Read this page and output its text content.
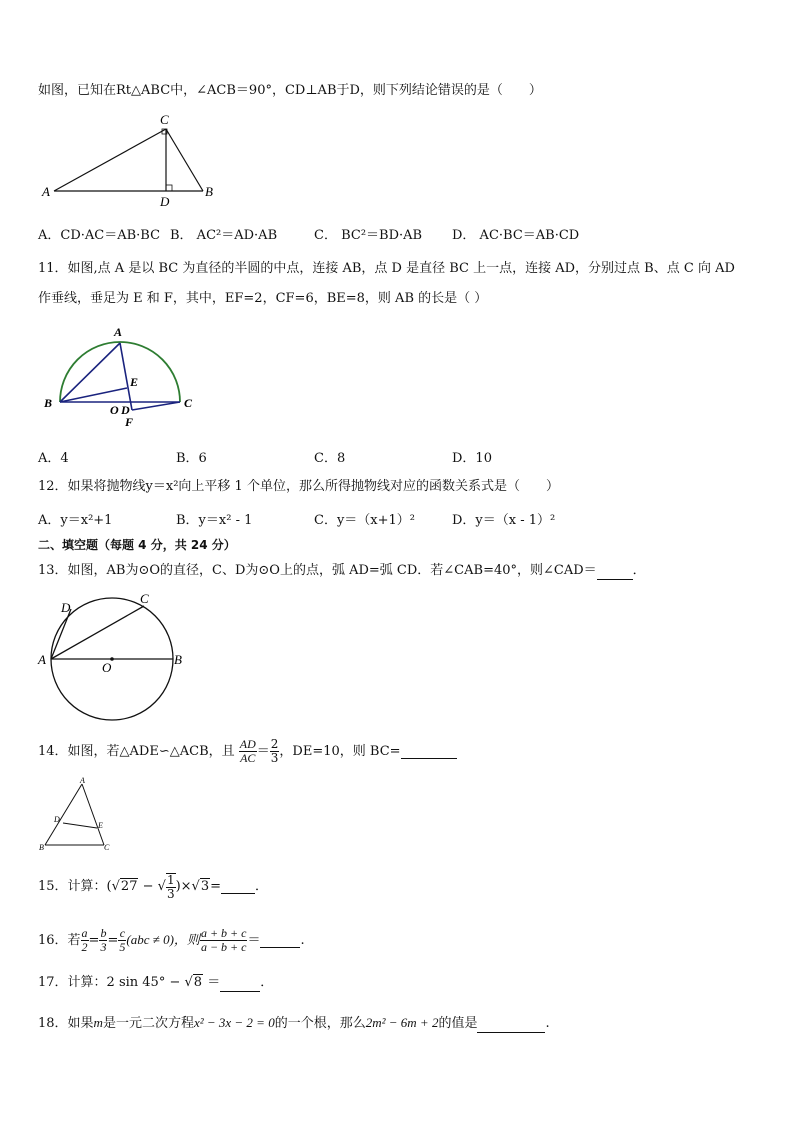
如图，已知在Rt△ABC中，∠ACB＝90°，CD⊥AB于D，则下列结论错误的是（　　）
C
A	B
D
A．CD·AC＝AB·BC B． AC²＝AD·AB	C． BC²＝BD·AB D． AC·BC＝AB·CD
11．如图,点 A 是以 BC 为直径的半圆的中点，连接 AB，点 D 是直径 BC 上一点，连接 AD，分别过点 B、点 C 向 AD
作垂线，垂足为 E 和 F，其中，EF=2，CF=6，BE=8，则 AB 的长是（ ）
A
B	C
E
O D
F
A．4	B．6	C．8	D．10
12．如果将抛物线y＝x²向上平移 1 个单位，那么所得抛物线对应的函数关系式是（　　）
A．y＝x²+1	B．y＝x² - 1	C．y＝（x+1）²	D．y＝（x - 1）²
二、填空题（每题 4 分，共 24 分）
13．如图，AB为⊙O的直径，C、D为⊙O上的点，弧 AD=弧 CD．若∠CAB=40°，则∠CAD＝	．
D
C
A	B
O
14．如图，若△ADE∽△ACB，且 $\frac{AD}{AC} = \frac{2}{3}$ ，DE=10，则 BC=
A
D
E
B	C
15．计算：(√27 − √ $\frac{1}{3} )\times√3=$	．
16．若 $\frac{a}{2} = \frac{b}{3} = \frac{c}{5} (abc \ne 0)$，则 $\frac{a + b + c}{a - b + c}$ ＝	.
17．计算：2 sin 45° − √8 ＝	．
18．如果m是一元二次方程x² − 3x − 2 = 0的一个根，那么2m² − 6m + 2的值是	.
